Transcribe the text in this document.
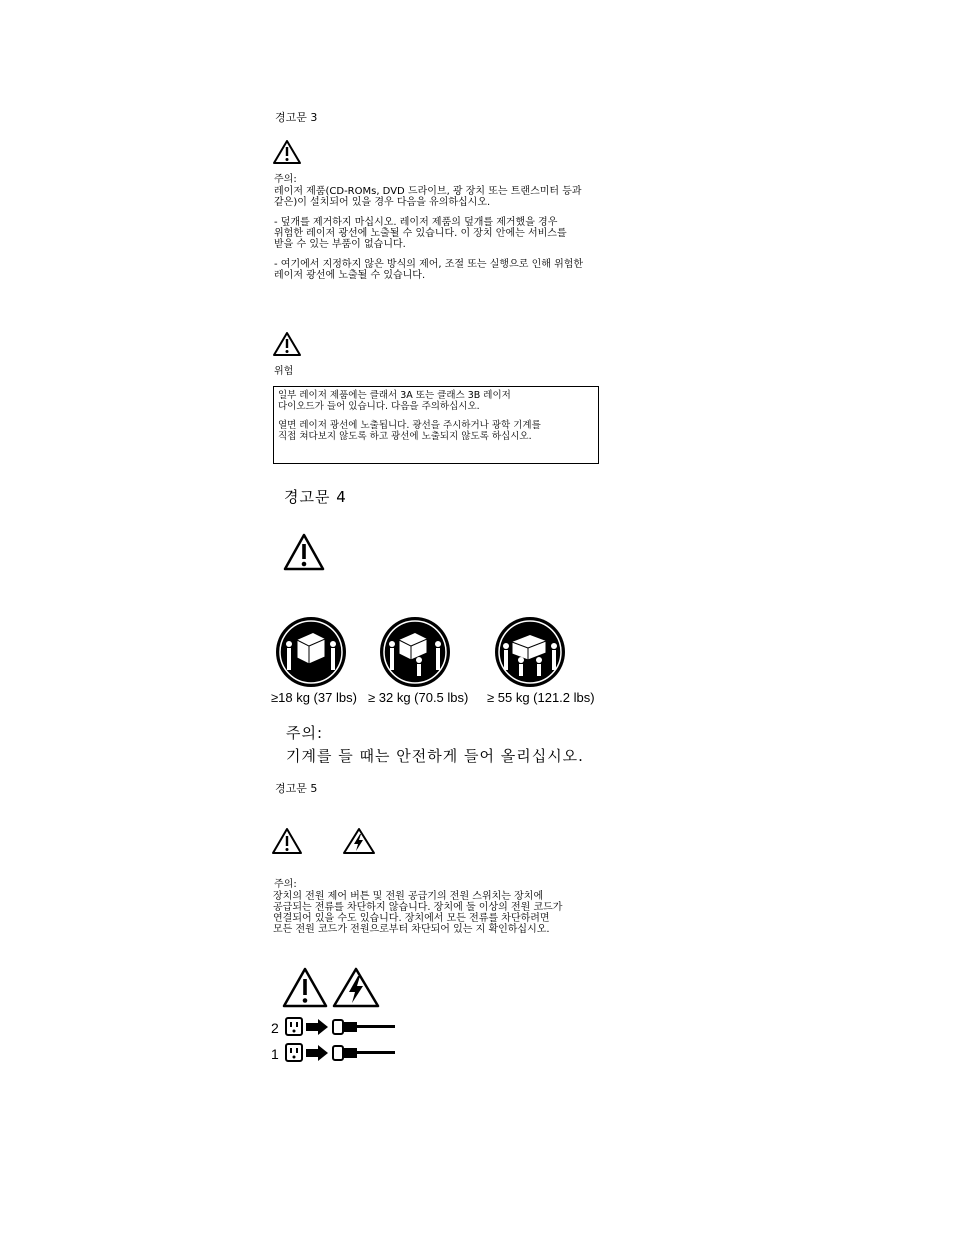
경고문 3
주의:
레이저 제품(CD-ROMs, DVD 드라이브, 광 장치 또는 트랜스미터 등과
같은)이 설치되어 있을 경우 다음을 유의하십시오.
- 덮개를 제거하지 마십시오. 레이저 제품의 덮개를 제거했을 경우
위험한 레이저 광선에 노출될 수 있습니다. 이 장치 안에는 서비스를
받을 수 있는 부품이 없습니다.
- 여기에서 지정하지 않은 방식의 제어, 조절 또는 실행으로 인해 위험한
레이저 광선에 노출될 수 있습니다.
위험
일부 레이저 제품에는 클래서 3A 또는 클래스 3B 레이저
다이오드가 들어 있습니다. 다음을 주의하십시오.
열면 레이저 광선에 노출됩니다. 광선을 주시하거나 광학 기계를
직접 쳐다보지 않도록 하고 광선에 노출되지 않도록 하십시오.
경고문 4
≥18 kg (37 lbs) ≥ 32 kg (70.5 lbs) ≥ 55 kg (121.2 lbs)
주의:
기계를 들 때는 안전하게 들어 올리십시오.
경고문 5
주의:
장치의 전원 제어 버튼 및 전원 공급기의 전원 스위치는 장치에
공급되는 전류를 차단하지 않습니다. 장치에 둘 이상의 전원 코드가
연결되어 있을 수도 있습니다. 장치에서 모든 전류를 차단하려면
모든 전원 코드가 전원으로부터 차단되어 있는 지 확인하십시오.
2
1
